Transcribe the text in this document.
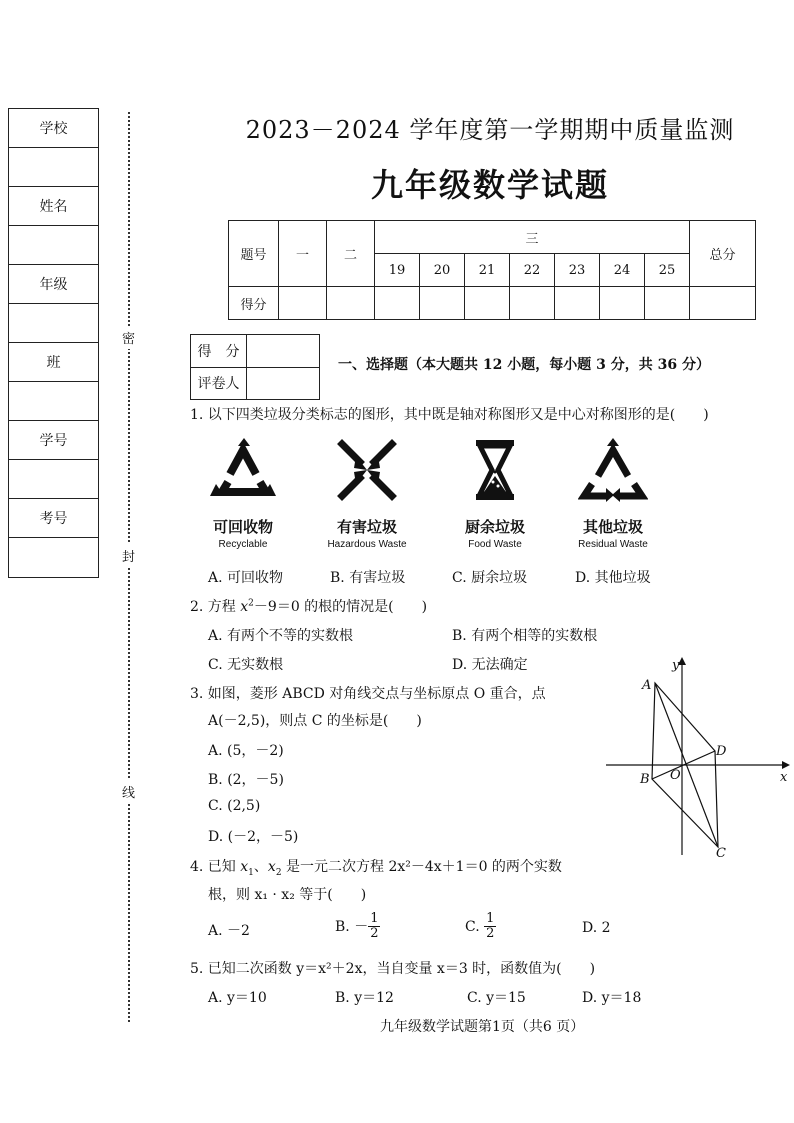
学校
姓名
年级
班
学号
考号
密
封
线
2023－2024 学年度第一学期期中质量监测
九年级数学试题
题号	一	二	三							总分
			19	20	21	22	23	24	25	
得分										
得　分	
评卷人	
一、选择题（本大题共 12 小题，每小题 3 分，共 36 分）
1. 以下四类垃圾分类标志的图形，其中既是轴对称图形又是中心对称图形的是(　　)
可回收物
Recyclable
有害垃圾
Hazardous Waste
厨余垃圾
Food Waste
其他垃圾
Residual Waste
A. 可回收物	B. 有害垃圾	C. 厨余垃圾	D. 其他垃圾
2. 方程 $x^2-9=0$ 的根的情况是(　　)
A. 有两个不等的实数根	B. 有两个相等的实数根
C. 无实数根	D. 无法确定
3. 如图，菱形 ABCD 对角线交点与坐标原点 O 重合，点
A(－2,5)，则点 C 的坐标是(　　)
A. (5，－2)
B. (2，－5)
C. (2,5)
D. (－2，－5)
y
x
A
B
C
D
O
4. 已知 $x_1$、$x_2$ 是一元二次方程 2x²－4x＋1＝0 的两个实数
根，则 x₁ · x₂ 等于(　　)
A. －2	B. － $\frac{1}{2}$	C. $\frac{1}{2}$	D. 2
5. 已知二次函数 y＝x²＋2x，当自变量 x＝3 时，函数值为(　　)
A. y＝10	B. y＝12	C. y＝15	D. y＝18
九年级数学试题第1页（共6 页）
